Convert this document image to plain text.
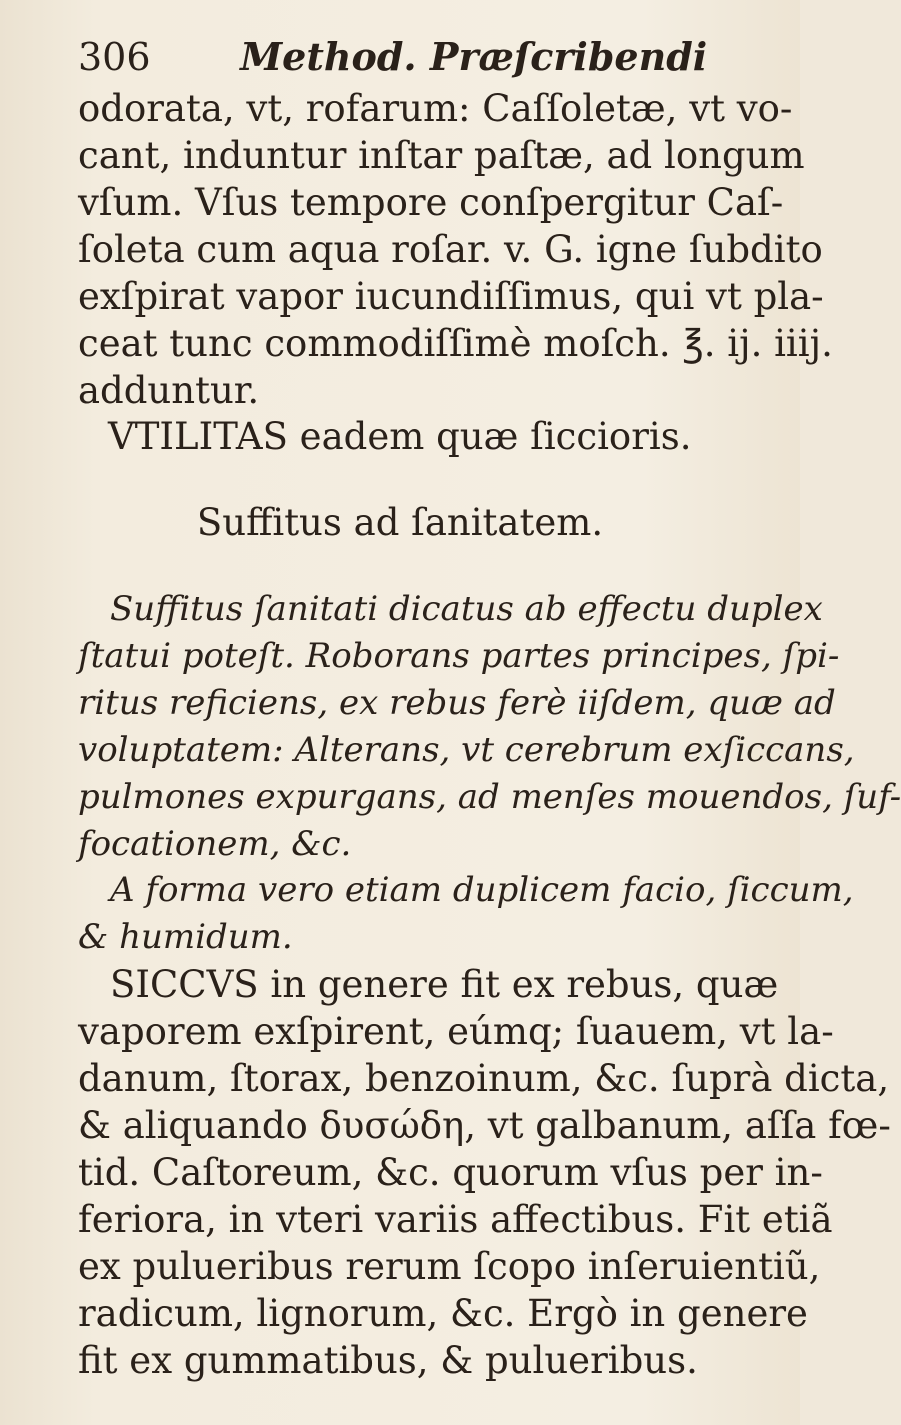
306 Method. Præſcribendi
odorata, vt, rofarum: Caſſoletæ, vt vo-
cant, induntur inſtar paſtæ, ad longum
vſum. Vſus tempore conſpergitur Caſ-
ſoleta cum aqua roſar. v. G. igne ſubdito
exſpirat vapor iucundiſſimus, qui vt pla-
ceat tunc commodiſſimè moſch. ℥. ij. iiij.
adduntur.
VTILITAS eadem quæ ſiccioris.
Suffitus ad ſanitatem.
Suffitus ſanitati dicatus ab effectu duplex
ſtatui poteſt. Roborans partes principes, ſpi-
ritus reficiens, ex rebus ferè iiſdem, quæ ad
voluptatem: Alterans, vt cerebrum exſiccans,
pulmones expurgans, ad menſes mouendos, ſuf-
focationem, &c.
A forma vero etiam duplicem facio, ſiccum,
& humidum.
SICCVS in genere fit ex rebus, quæ
vaporem exſpirent, eúmq; ſuauem, vt la-
danum, ſtorax, benzoinum, &c. ſuprà dicta,
& aliquando δυσώδη, vt galbanum, aſſa fœ-
tid. Caſtoreum, &c. quorum vſus per in-
feriora, in vteri variis affectibus. Fit etiã
ex pulueribus rerum ſcopo inſeruientiũ,
radicum, lignorum, &c. Ergò in genere
fit ex gummatibus, & pulueribus.
